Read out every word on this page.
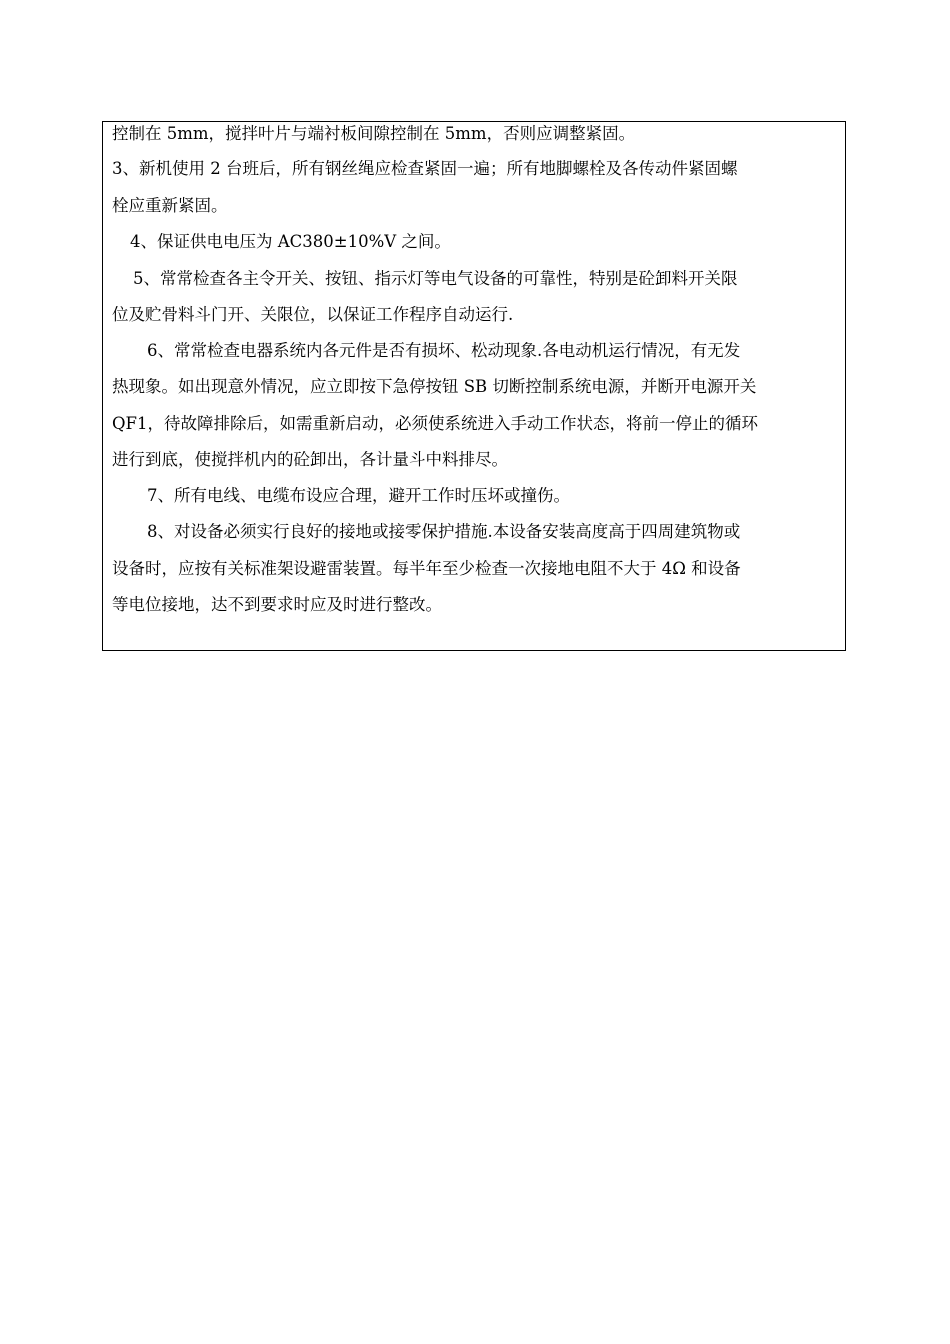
控制在 5mm，搅拌叶片与端衬板间隙控制在 5mm，否则应调整紧固。
3、新机使用 2 台班后，所有钢丝绳应检查紧固一遍；所有地脚螺栓及各传动件紧固螺
栓应重新紧固。
4、保证供电电压为 AC380±10%V 之间。
5、常常检查各主令开关、按钮、指示灯等电气设备的可靠性，特别是砼卸料开关限
位及贮骨料斗门开、关限位，以保证工作程序自动运行.
6、常常检查电器系统内各元件是否有损坏、松动现象.各电动机运行情况，有无发
热现象。如出现意外情况，应立即按下急停按钮 SB 切断控制系统电源，并断开电源开关
QF1，待故障排除后，如需重新启动，必须使系统进入手动工作状态，将前一停止的循环
进行到底，使搅拌机内的砼卸出，各计量斗中料排尽。
7、所有电线、电缆布设应合理，避开工作时压坏或撞伤。
8、对设备必须实行良好的接地或接零保护措施.本设备安装高度高于四周建筑物或
设备时，应按有关标准架设避雷装置。每半年至少检查一次接地电阻不大于 4Ω 和设备
等电位接地，达不到要求时应及时进行整改。
